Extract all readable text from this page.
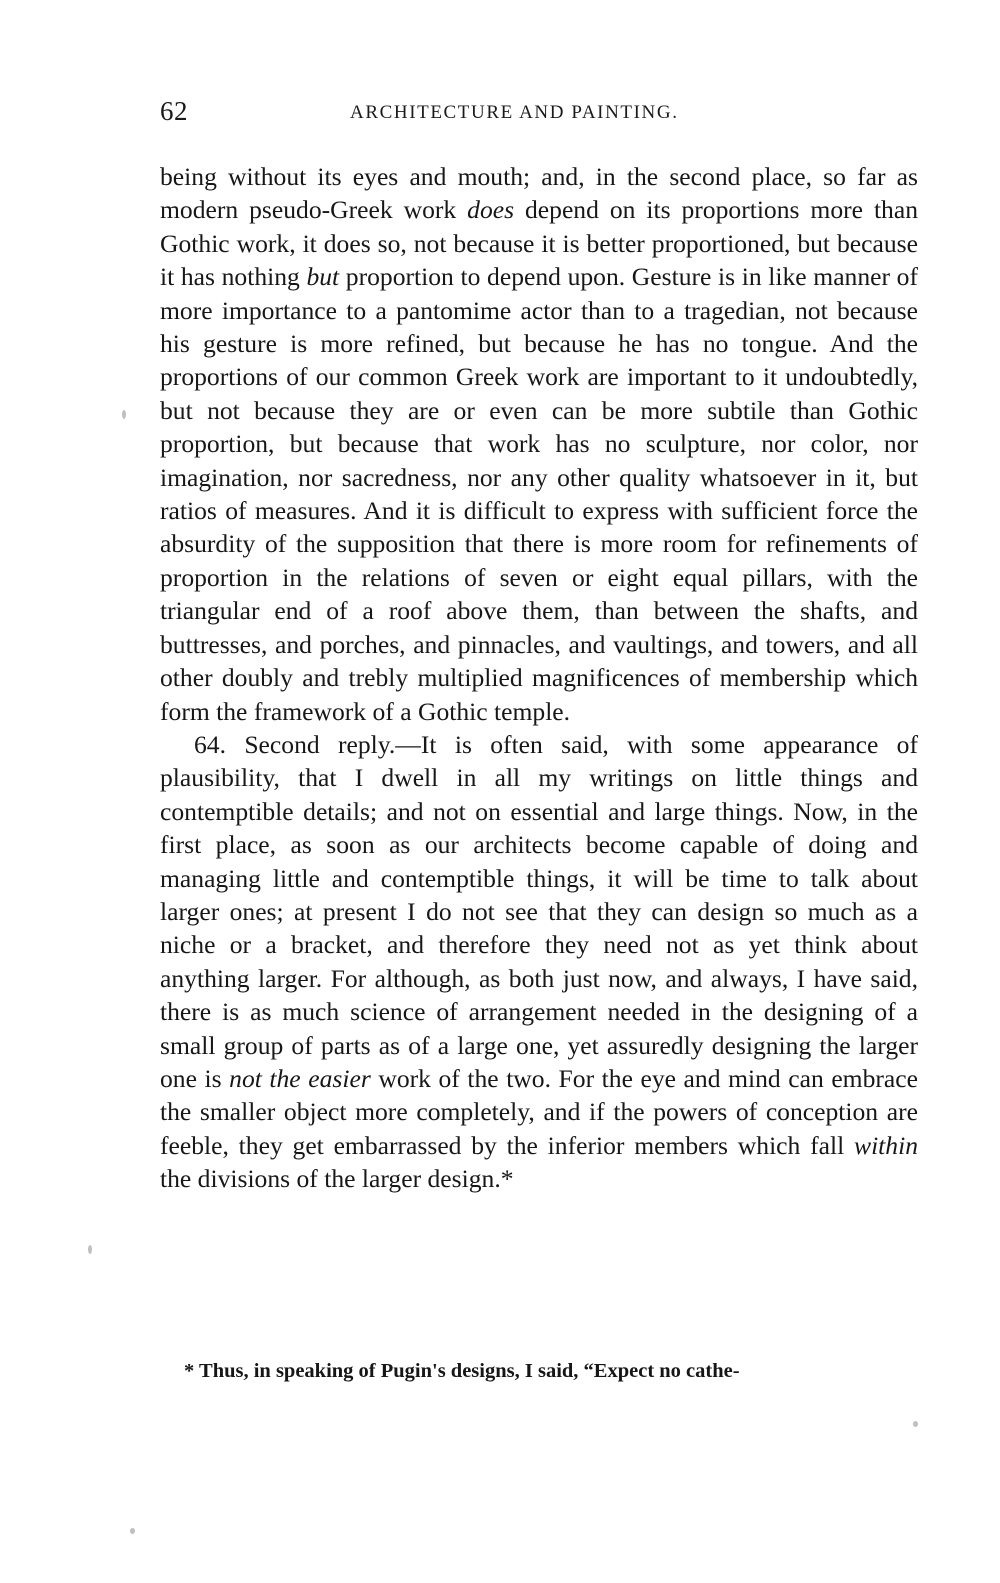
62	ARCHITECTURE AND PAINTING.

being without its eyes and mouth; and, in the second place, so far as modern pseudo-Greek work does depend on its proportions more than Gothic work, it does so, not because it is better proportioned, but because it has nothing but proportion to depend upon. Gesture is in like manner of more importance to a pantomime actor than to a tragedian, not because his gesture is more refined, but because he has no tongue. And the proportions of our common Greek work are important to it undoubtedly, but not because they are or even can be more subtile than Gothic proportion, but because that work has no sculpture, nor color, nor imagination, nor sacredness, nor any other quality whatsoever in it, but ratios of measures. And it is difficult to express with sufficient force the absurdity of the supposition that there is more room for refinements of proportion in the relations of seven or eight equal pillars, with the triangular end of a roof above them, than between the shafts, and buttresses, and porches, and pinnacles, and vaultings, and towers, and all other doubly and trebly multiplied magnificences of membership which form the framework of a Gothic temple.

64. Second reply.—It is often said, with some appearance of plausibility, that I dwell in all my writings on little things and contemptible details; and not on essential and large things. Now, in the first place, as soon as our architects become capable of doing and managing little and contemptible things, it will be time to talk about larger ones; at present I do not see that they can design so much as a niche or a bracket, and therefore they need not as yet think about anything larger. For although, as both just now, and always, I have said, there is as much science of arrangement needed in the designing of a small group of parts as of a large one, yet assuredly designing the larger one is not the easier work of the two. For the eye and mind can embrace the smaller object more completely, and if the powers of conception are feeble, they get embarrassed by the inferior members which fall within the divisions of the larger design.*

* Thus, in speaking of Pugin's designs, I said, “Expect no cathe-
